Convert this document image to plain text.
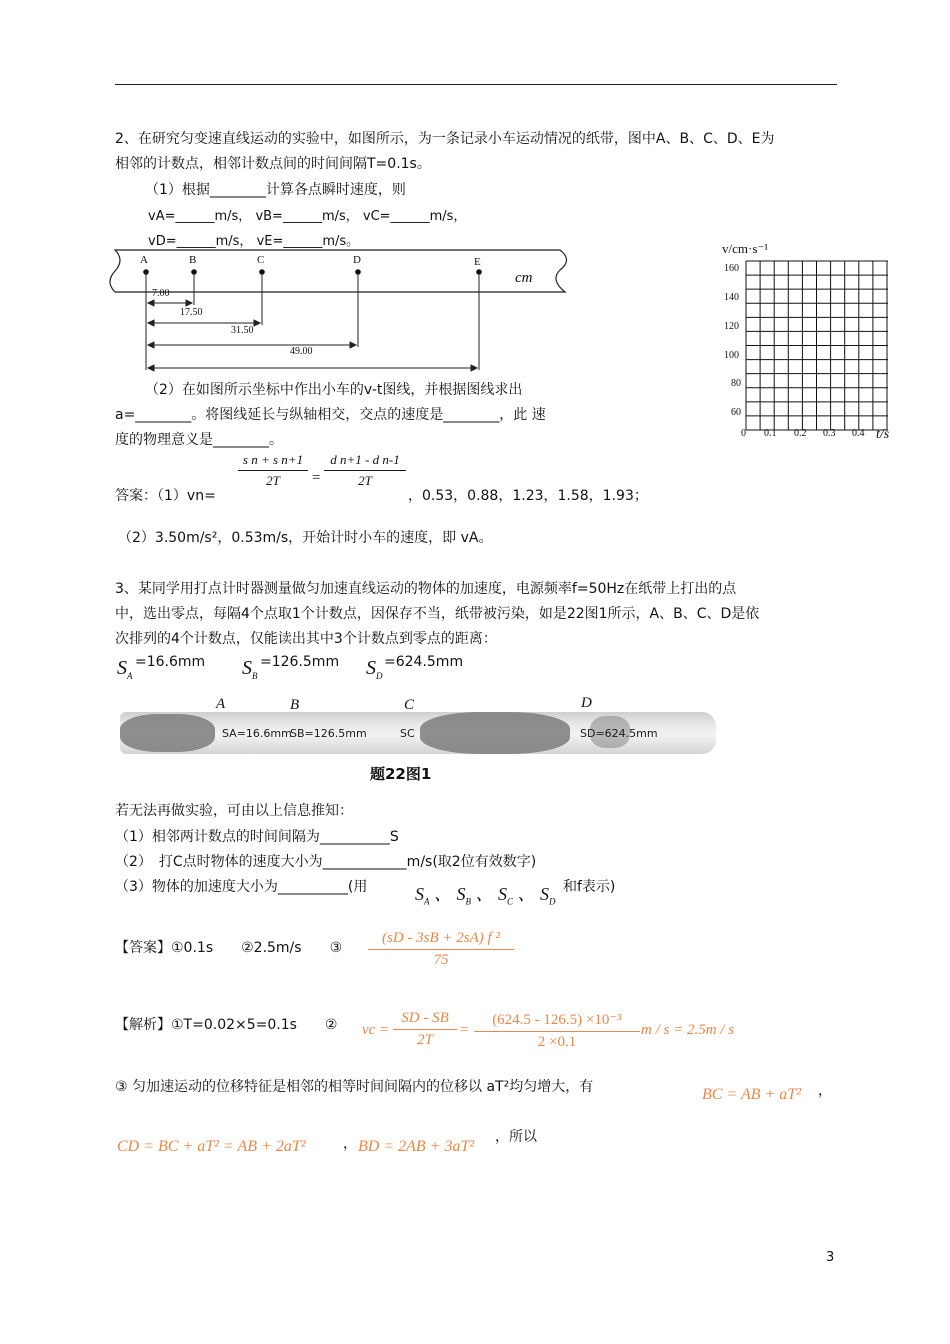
2、在研究匀变速直线运动的实验中，如图所示，为一条记录小车运动情况的纸带，图中A、B、C、D、E为
相邻的计数点，相邻计数点间的时间间隔T=0.1s。
（1）根据________计算各点瞬时速度，则
vA=______m/s， vB=______m/s， vC=______m/s，
vD=______m/s， vE=______m/s。
A	B	C	D	E
cm
7.00
17.50
31.50
49.00
v/cm·s⁻¹
160
140
120
100
80
60
0 0.1 0.2 0.3 0.4 t/s
（2）在如图所示坐标中作出小车的v-t图线，并根据图线求出
a=________。将图线延长与纵轴相交，交点的速度是________，此 速
度的物理意义是________。
答案：（1）vn=
$\frac{\text{s n + s n+1}}{2T} = \frac{\text{d n+1 - d n-1}}{2T}$
，0.53，0.88，1.23，1.58，1.93；
（2）3.50m/s²，0.53m/s，开始计时小车的速度，即 vA。
3、某同学用打点计时器测量做匀加速直线运动的物体的加速度，电源频率f=50Hz在纸带上打出的点
中，选出零点，每隔4个点取1个计数点，因保存不当，纸带被污染，如是22图1所示，A、B、C、D是依
次排列的4个计数点，仅能读出其中3个计数点到零点的距离：
$S_A$
=16.6mm $S_B$
=126.5mm $S_D$
=624.5mm
A	B	C	D
SA=16.6mm
SB=126.5mm	SC	SD=624.5mm
题22图1
若无法再做实验，可由以上信息推知：
（1）相邻两计数点的时间间隔为__________S
（2）　打C点时物体的速度大小为____________m/s(取2位有效数字)
（3）物体的加速度大小为__________(用	$S_A$ 、 $S_B$ 、 $S_C$ 、 $S_D$
和f表示)
【答案】①0.1s　　②2.5m/s　　③ $\frac{\text{(sD - 3sB + 2sA) f ²}}{75}$
【解析】①T=0.02×5=0.1s　　② vc = $\frac{SD - SB}{2T} = \frac{\text{(624.5 - 126.5) ×10⁻³}}{2 \times 0.1}$ m / s = 2.5m / s
③ 匀加速运动的位移特征是相邻的相等时间间隔内的位移以 aT²均匀增大，有	BC = AB + aT² ，
CD = BC + aT² = AB + 2aT²	， BD = 2AB + 3aT²
，所以
3
